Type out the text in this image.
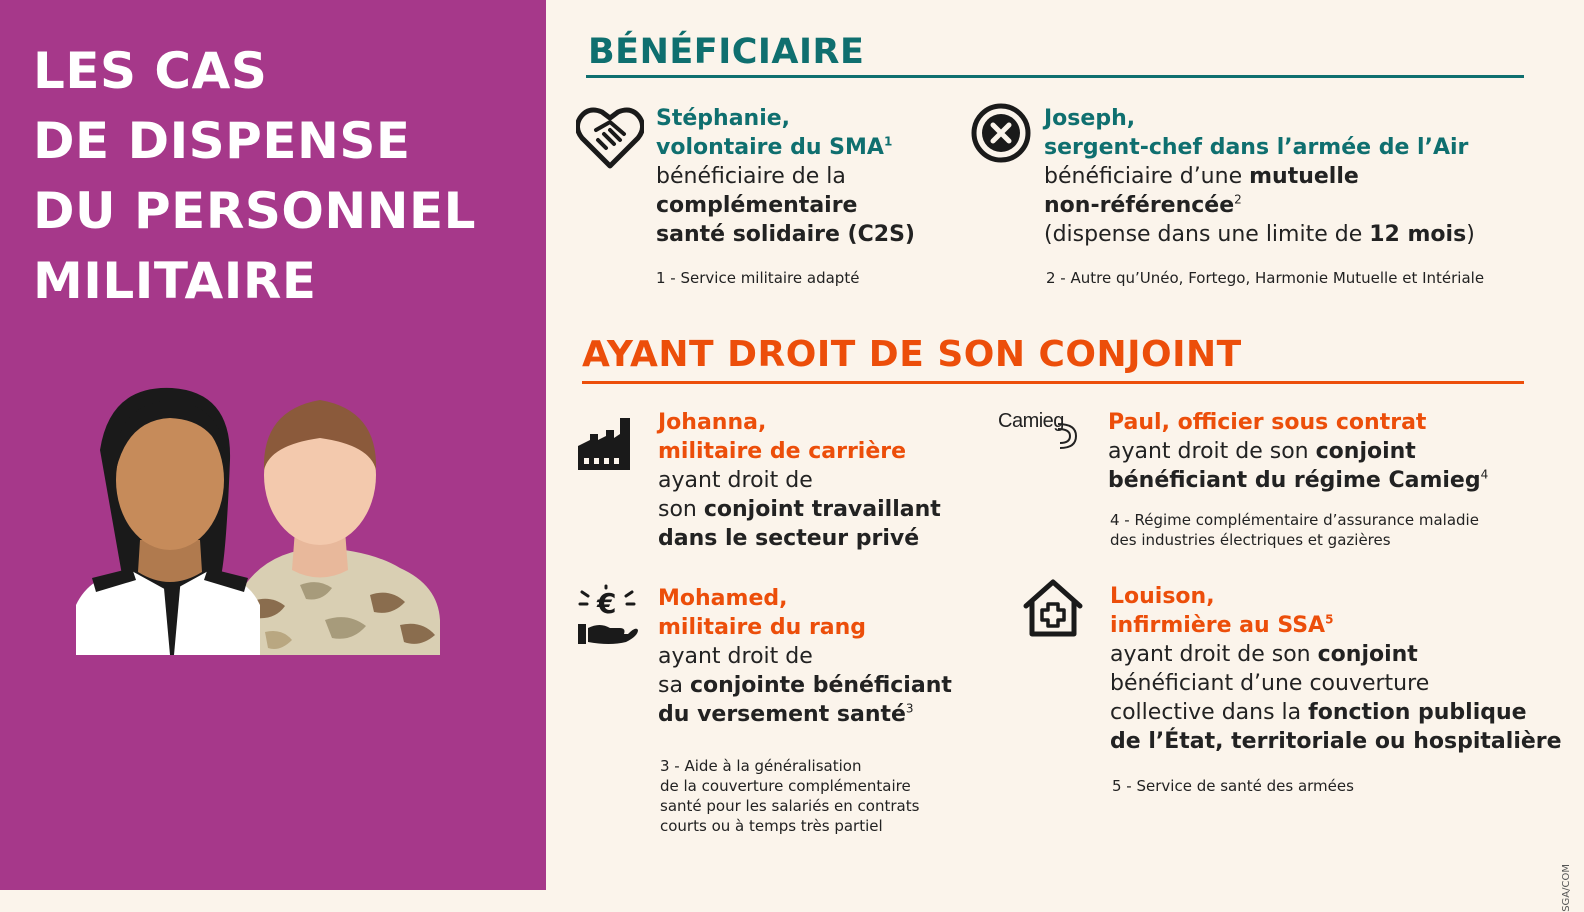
LES CAS
DE DISPENSE
DU PERSONNEL
MILITAIRE
BÉNÉFICIAIRE
Stéphanie,
volontaire du SMA$^1$
bénéficiaire de la
complémentaire
santé solidaire (C2S)
1 - Service militaire adapté
Joseph,
sergent-chef dans l’armée de l’Air
bénéficiaire d’une mutuelle
non-référencée$^2$
(dispense dans une limite de 12 mois)
2 - Autre qu’Unéo, Fortego, Harmonie Mutuelle et Intériale
AYANT DROIT DE SON CONJOINT
Johanna,
militaire de carrière
ayant droit de
son conjoint travaillant
dans le secteur privé
Camieg	Paul, officier sous contrat
ayant droit de son conjoint
bénéficiant du régime Camieg$^4$
4 - Régime complémentaire d’assurance maladie
des industries électriques et gazières
€ Mohamed,
militaire du rang
ayant droit de
sa conjointe bénéficiant
du versement santé$^3$
3 - Aide à la généralisation
de la couverture complémentaire
santé pour les salariés en contrats
courts ou à temps très partiel
Louison,
infirmière au SSA$^5$
ayant droit de son conjoint
bénéficiant d’une couverture
collective dans la fonction publique
de l’État, territoriale ou hospitalière
5 - Service de santé des armées
SGA/COM
